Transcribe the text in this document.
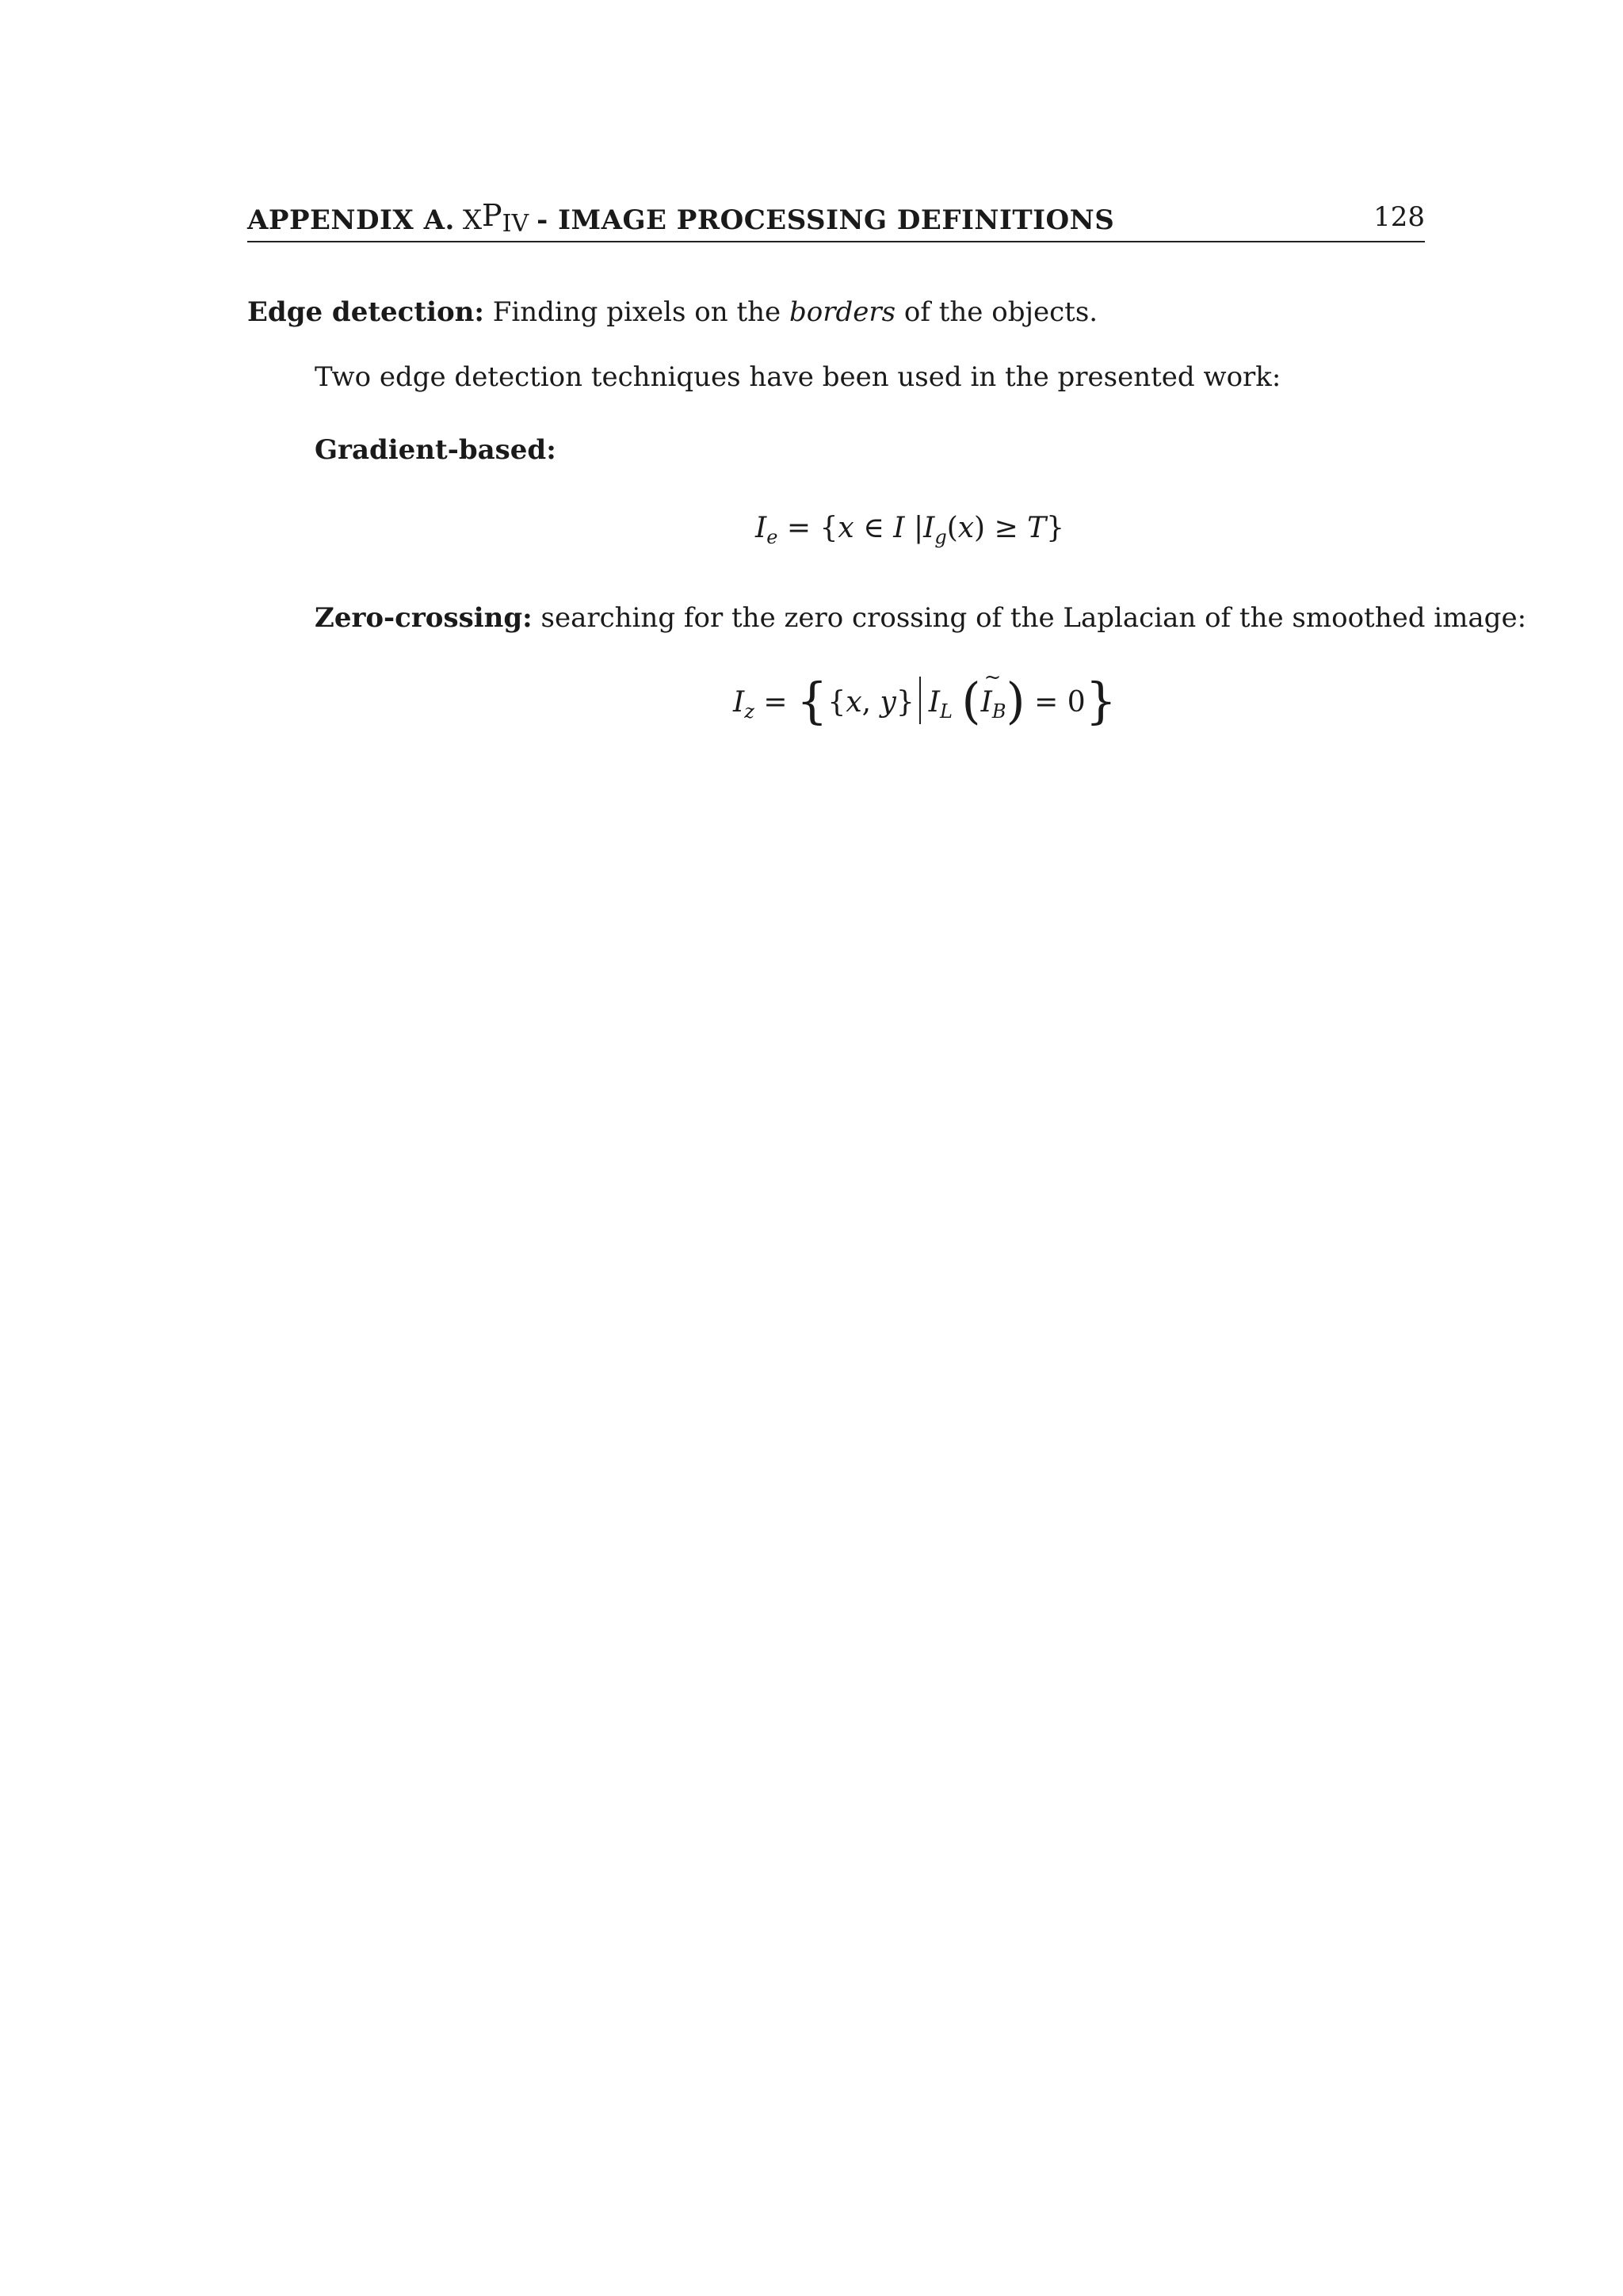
APPENDIX A. XPIV - IMAGE PROCESSING DEFINITIONS	128
Edge detection: Finding pixels on the borders of the objects.
Two edge detection techniques have been used in the presented work:
Gradient-based:
$I_e = \{x$ ∈ I $|I_g(x) \ge T$}
Zero-crossing: searching for the zero crossing of the Laplacian of the smoothed image:
$I_z = \{\{x$, y} $I_L$ (~ $I_B) = 0$}
